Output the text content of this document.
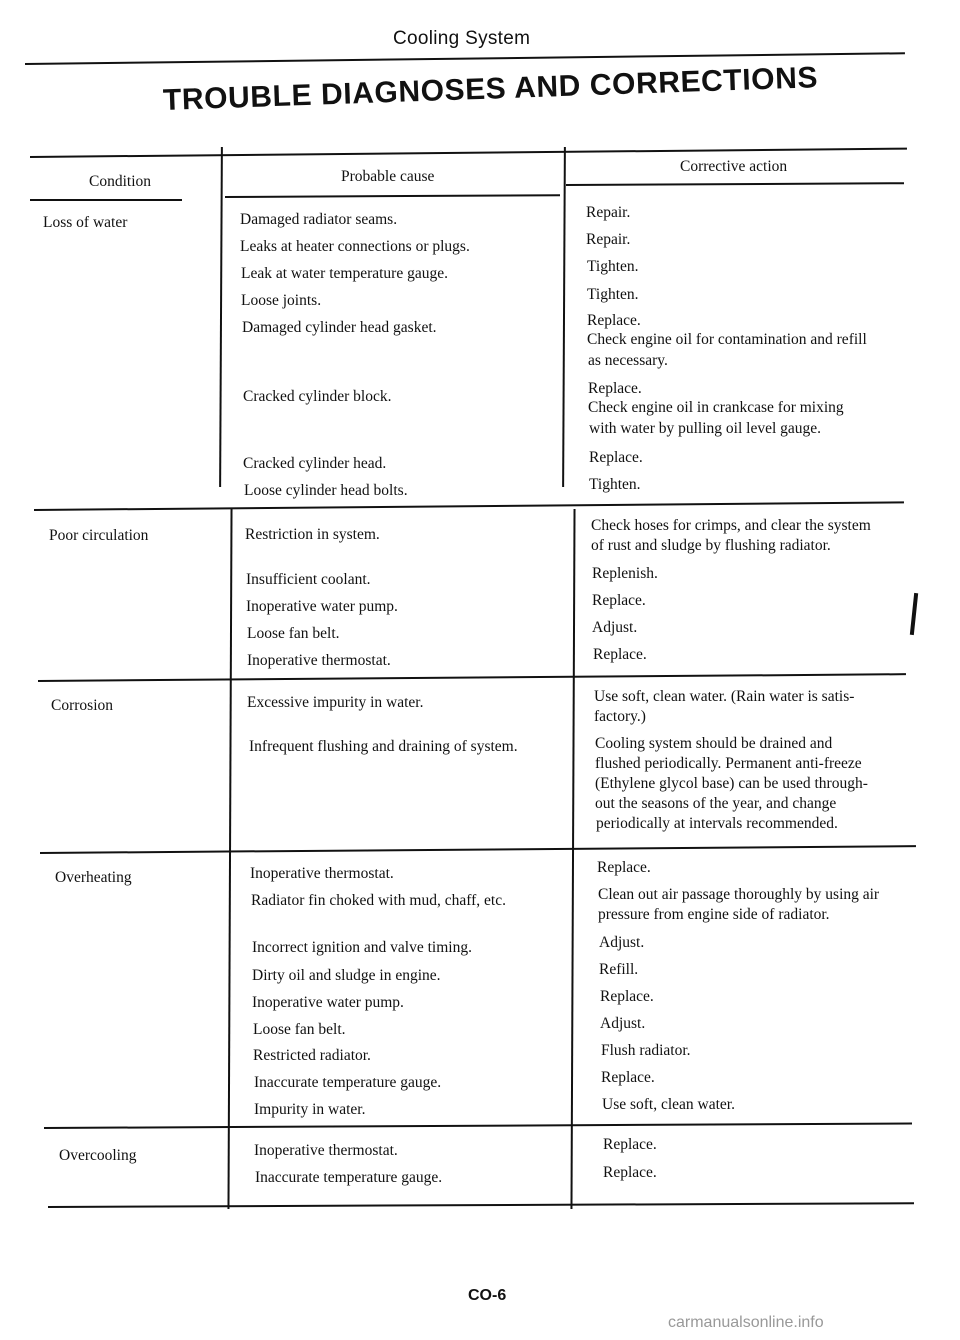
Cooling System
TROUBLE DIAGNOSES AND CORRECTIONS
Condition	Probable cause
Corrective action
Loss of water
Poor circulation
Corrosion
Overheating
Overcooling
Damaged radiator seams.
Leaks at heater connections or plugs.
Leak at water temperature gauge.
Loose joints.
Damaged cylinder head gasket.
Cracked cylinder block.
Cracked cylinder head.
Loose cylinder head bolts.
Restriction in system.
Insufficient coolant.
Inoperative water pump.
Loose fan belt.
Inoperative thermostat.
Excessive impurity in water.
Infrequent flushing and draining of system.
Inoperative thermostat.
Radiator fin choked with mud, chaff, etc.
Incorrect ignition and valve timing.
Dirty oil and sludge in engine.
Inoperative water pump.
Loose fan belt.
Restricted radiator.
Inaccurate temperature gauge.
Impurity in water.
Inoperative thermostat.
Inaccurate temperature gauge.
Repair.
Repair.
Tighten.
Tighten.
Replace.
Check engine oil for contamination and refill
as necessary.
Replace.
Check engine oil in crankcase for mixing
with water by pulling oil level gauge.
Replace.
Tighten.
Check hoses for crimps, and clear the system
of rust and sludge by flushing radiator.
Replenish.
Replace.
Adjust.
Replace.
Use soft, clean water. (Rain water is satis-
factory.)
Cooling system should be drained and
flushed periodically. Permanent anti-freeze
(Ethylene glycol base) can be used through-
out the seasons of the year, and change
periodically at intervals recommended.
Replace.
Clean out air passage thoroughly by using air
pressure from engine side of radiator.
Adjust.
Refill.
Replace.
Adjust.
Flush radiator.
Replace.
Use soft, clean water.
Replace.
Replace.
CO-6
carmanualsonline.info
